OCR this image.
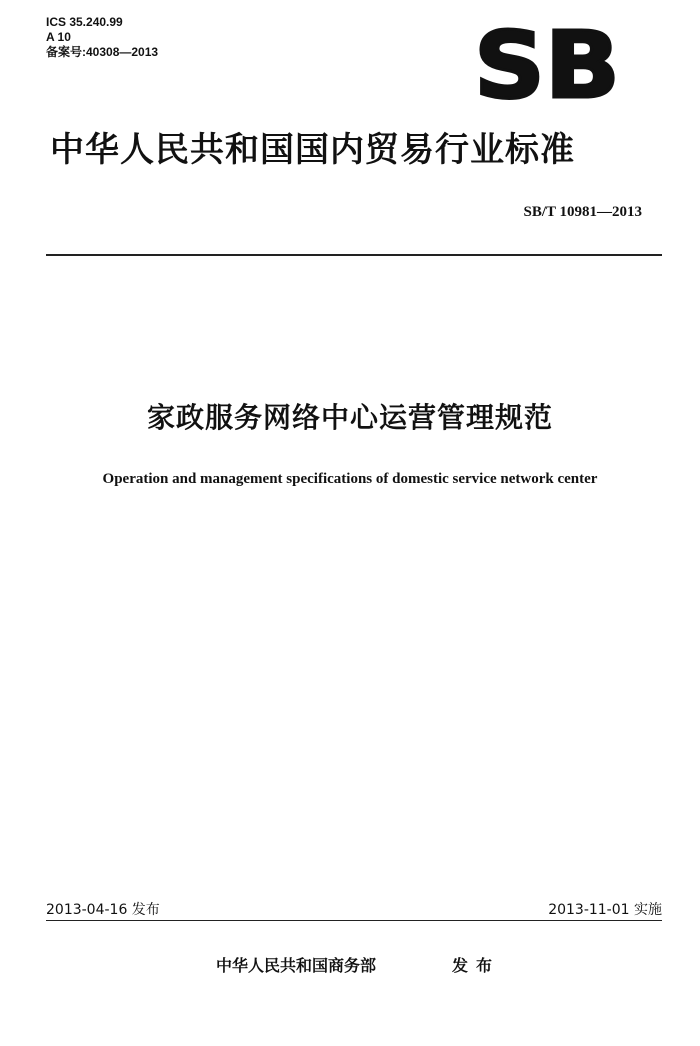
ICS 35.240.99
A 10
备案号:40308—2013	SB
中华人民共和国国内贸易行业标准
SB/T 10981—2013
家政服务网络中心运营管理规范
Operation and management specifications of domestic service network center
2013-04-16 发布	2013-11-01 实施
中华人民共和国商务部	发布
